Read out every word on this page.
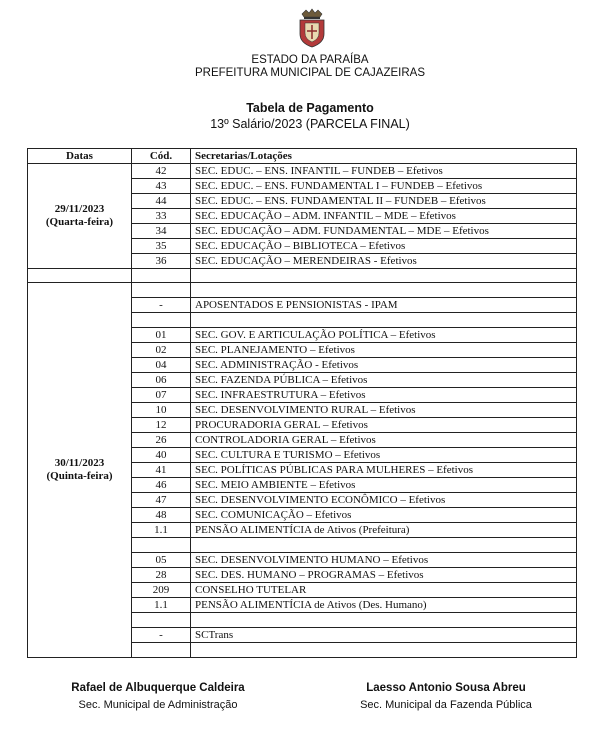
ESTADO DA PARAÍBA
PREFEITURA MUNICIPAL DE CAJAZEIRAS
Tabela de Pagamento
13º Salário/2023 (PARCELA FINAL)
Datas	Cód.	Secretarias/Lotações

29/11/2023
(Quarta-feira)	42	SEC. EDUC. – ENS. INFANTIL – FUNDEB – Efetivos
	43	SEC. EDUC. – ENS. FUNDAMENTAL I – FUNDEB – Efetivos
	44	SEC. EDUC. – ENS. FUNDAMENTAL II – FUNDEB – Efetivos
	33	SEC. EDUCAÇÃO – ADM. INFANTIL – MDE – Efetivos
	34	SEC. EDUCAÇÃO – ADM. FUNDAMENTAL – MDE – Efetivos
	35	SEC. EDUCAÇÃO – BIBLIOTECA – Efetivos
	36	SEC. EDUCAÇÃO – MERENDEIRAS - Efetivos

30/11/2023
(Quinta-feira)		

	-	APOSENTADOS E PENSIONISTAS - IPAM

	01	SEC. GOV. E ARTICULAÇÃO POLÍTICA – Efetivos
	02	SEC. PLANEJAMENTO – Efetivos
	04	SEC. ADMINISTRAÇÃO - Efetivos
	06	SEC. FAZENDA PÚBLICA – Efetivos
	07	SEC. INFRAESTRUTURA – Efetivos
	10	SEC. DESENVOLVIMENTO RURAL – Efetivos
	12	PROCURADORIA GERAL – Efetivos
	26	CONTROLADORIA GERAL – Efetivos
	40	SEC. CULTURA E TURISMO – Efetivos
	41	SEC. POLÍTICAS PÚBLICAS PARA MULHERES – Efetivos
	46	SEC. MEIO AMBIENTE – Efetivos
	47	SEC. DESENVOLVIMENTO ECONÔMICO – Efetivos
	48	SEC. COMUNICAÇÃO – Efetivos
	1.1	PENSÃO ALIMENTÍCIA de Ativos (Prefeitura)

	05	SEC. DESENVOLVIMENTO HUMANO – Efetivos
	28	SEC. DES. HUMANO – PROGRAMAS – Efetivos
	209	CONSELHO TUTELAR
	1.1	PENSÃO ALIMENTÍCIA de Ativos (Des. Humano)

	-	SCTrans

Rafael de Albuquerque Caldeira
Sec. Municipal de Administração
Laesso Antonio Sousa Abreu
Sec. Municipal da Fazenda Pública
